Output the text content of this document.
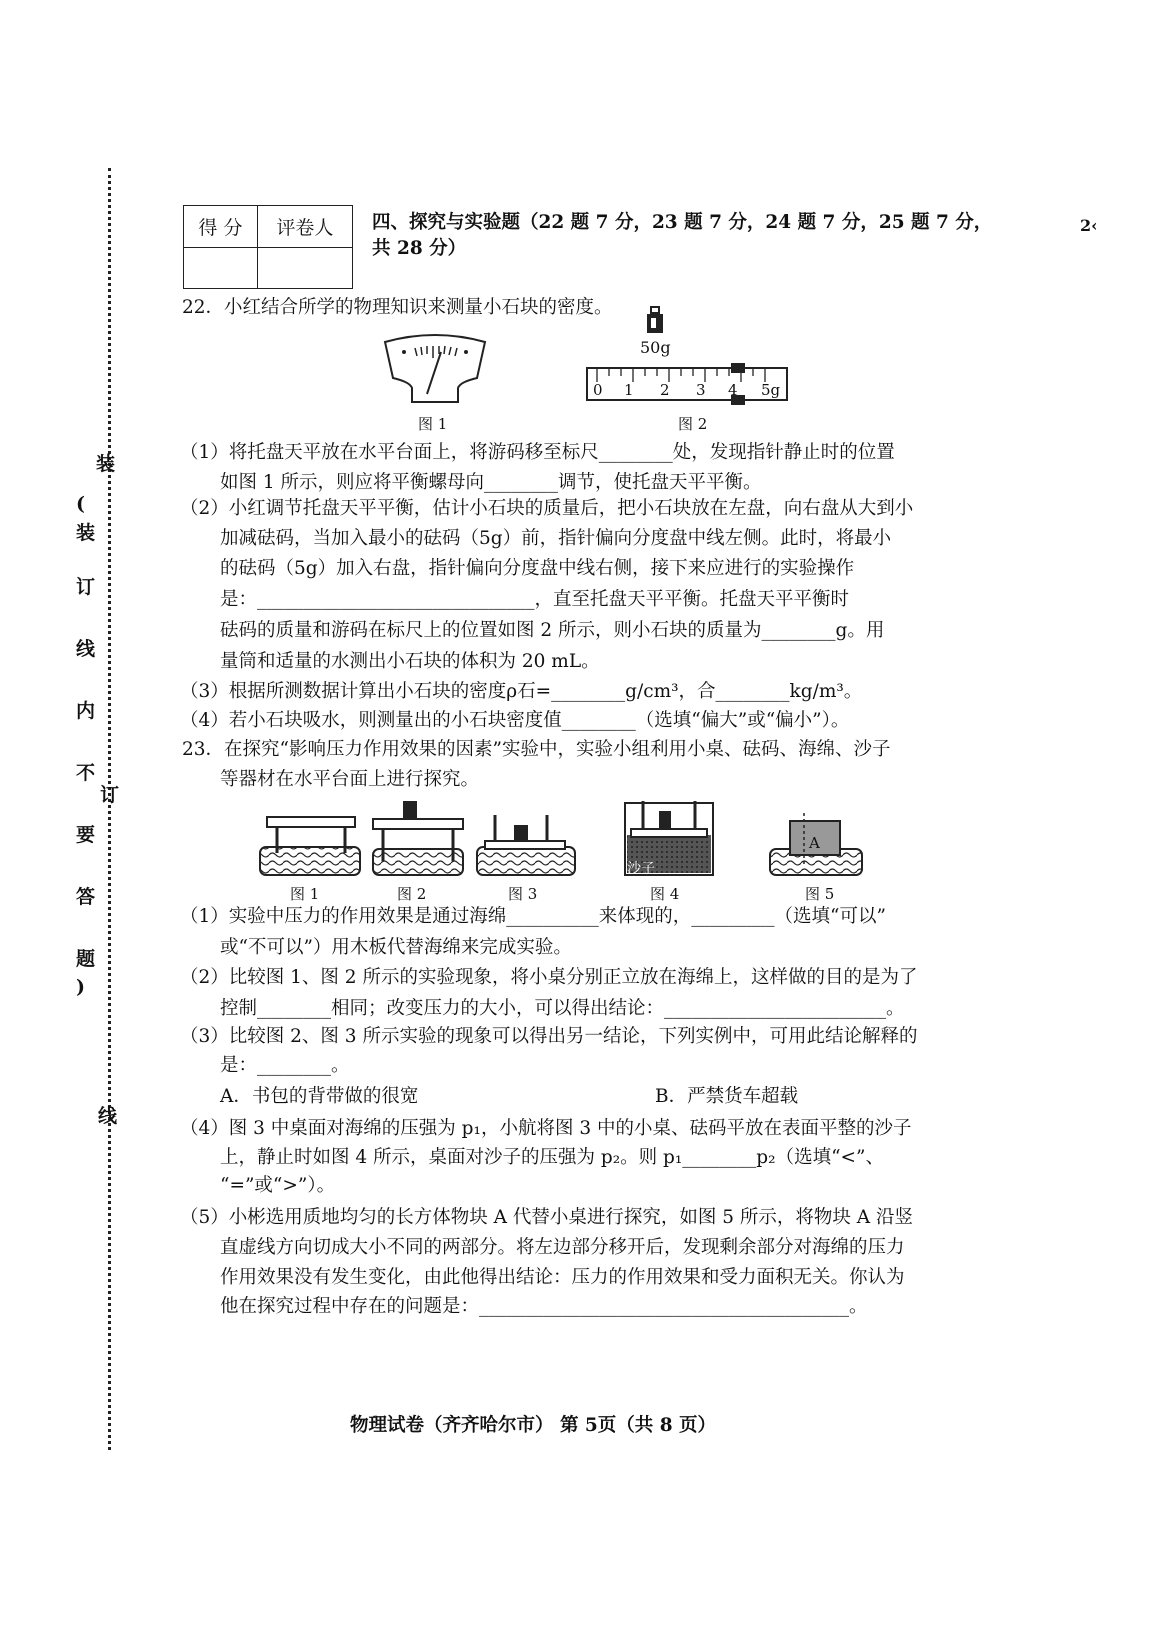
装
(
装
订
线
内
不
订
要
答
题
)
线
得 分	评卷人
	四、探究与实验题（22 题 7 分，23 题 7 分，24 题 7 分，25 题 7 分，
共 28 分）
2‹
22．小红结合所学的物理知识来测量小石块的密度。
图 1
50g
0 1 2 3 4 5g
图 2
（1）将托盘天平放在水平台面上，将游码移至标尺________处，发现指针静止时的位置
如图 1 所示，则应将平衡螺母向________调节，使托盘天平平衡。
（2）小红调节托盘天平平衡，估计小石块的质量后，把小石块放在左盘，向右盘从大到小
加减砝码，当加入最小的砝码（5g）前，指针偏向分度盘中线左侧。此时，将最小
的砝码（5g）加入右盘，指针偏向分度盘中线右侧，接下来应进行的实验操作
是：______________________________，直至托盘天平平衡。托盘天平平衡时
砝码的质量和游码在标尺上的位置如图 2 所示，则小石块的质量为________g。用
量筒和适量的水测出小石块的体积为 20 mL。
（3）根据所测数据计算出小石块的密度ρ石=________g/cm³，合________kg/m³。
（4）若小石块吸水，则测量出的小石块密度值________（选填“偏大”或“偏小”）。
23．在探究“影响压力作用效果的因素”实验中，实验小组利用小桌、砝码、海绵、沙子
等器材在水平台面上进行探究。
沙子
A
图 1	图 2	图 3	图 4	图 5
（1）实验中压力的作用效果是通过海绵__________来体现的，_________（选填“可以”
或“不可以”）用木板代替海绵来完成实验。
（2）比较图 1、图 2 所示的实验现象，将小桌分别正立放在海绵上，这样做的目的是为了
控制________相同；改变压力的大小，可以得出结论：________________________。
（3）比较图 2、图 3 所示实验的现象可以得出另一结论，下列实例中，可用此结论解释的
是：________。
A．书包的背带做的很宽	B．严禁货车超载
（4）图 3 中桌面对海绵的压强为 p₁，小航将图 3 中的小桌、砝码平放在表面平整的沙子
上，静止时如图 4 所示，桌面对沙子的压强为 p₂。则 p₁________p₂（选填“<”、
“=”或“>”）。
（5）小彬选用质地均匀的长方体物块 A 代替小桌进行探究，如图 5 所示，将物块 A 沿竖
直虚线方向切成大小不同的两部分。将左边部分移开后，发现剩余部分对海绵的压力
作用效果没有发生变化，由此他得出结论：压力的作用效果和受力面积无关。你认为
他在探究过程中存在的问题是：________________________________________。
物理试卷（齐齐哈尔市） 第 5页（共 8 页）
